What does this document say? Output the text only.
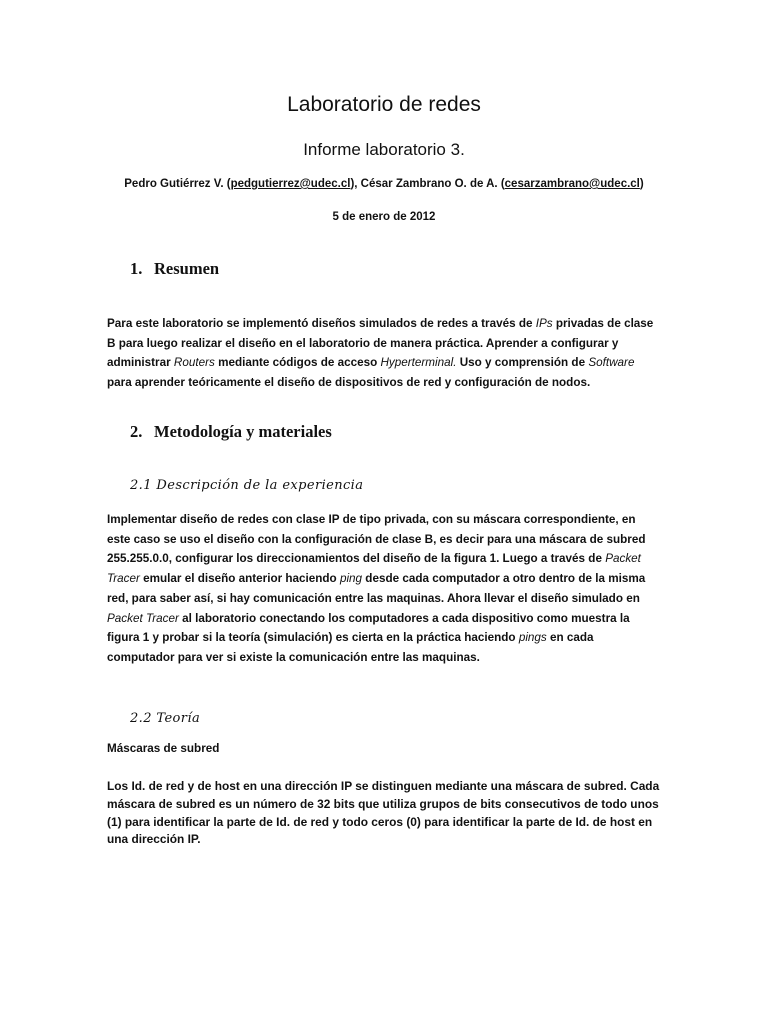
Laboratorio de redes
Informe laboratorio 3.
Pedro Gutiérrez V. (pedgutierrez@udec.cl), César Zambrano O. de A. (cesarzambrano@udec.cl)
5 de enero de 2012
1. Resumen
Para este laboratorio se implementó diseños simulados de redes a través de IPs privadas de clase
B para luego realizar el diseño en el laboratorio de manera práctica. Aprender a configurar y
administrar Routers mediante códigos de acceso Hyperterminal. Uso y comprensión de Software
para aprender teóricamente el diseño de dispositivos de red y configuración de nodos.
2. Metodología y materiales
2.1 Descripción de la experiencia
Implementar diseño de redes con clase IP de tipo privada, con su máscara correspondiente, en
este caso se uso el diseño con la configuración de clase B, es decir para una máscara de subred
255.255.0.0, configurar los direccionamientos del diseño de la figura 1. Luego a través de Packet
Tracer emular el diseño anterior haciendo ping desde cada computador a otro dentro de la misma
red, para saber así, si hay comunicación entre las maquinas. Ahora llevar el diseño simulado en
Packet Tracer al laboratorio conectando los computadores a cada dispositivo como muestra la
figura 1 y probar si la teoría (simulación) es cierta en la práctica haciendo pings en cada
computador para ver si existe la comunicación entre las maquinas.
2.2 Teoría
Máscaras de subred
Los Id. de red y de host en una dirección IP se distinguen mediante una máscara de subred. Cada
máscara de subred es un número de 32 bits que utiliza grupos de bits consecutivos de todo unos
(1) para identificar la parte de Id. de red y todo ceros (0) para identificar la parte de Id. de host en
una dirección IP.
